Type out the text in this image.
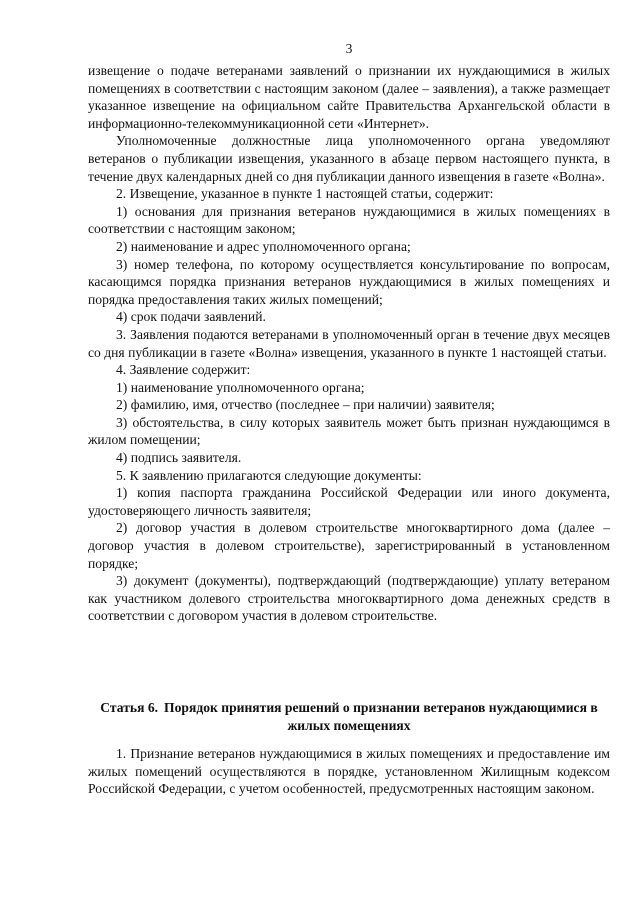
3

извещение о подаче ветеранами заявлений о признании их нуждающимися в жилых помещениях в соответствии с настоящим законом (далее – заявления), а также размещает указанное извещение на официальном сайте Правительства Архангельской области в информационно-телекоммуникационной сети «Интернет».

Уполномоченные должностные лица уполномоченного органа уведомляют ветеранов о публикации извещения, указанного в абзаце первом настоящего пункта, в течение двух календарных дней со дня публикации данного извещения в газете «Волна».

2. Извещение, указанное в пункте 1 настоящей статьи, содержит:

1) основания для признания ветеранов нуждающимися в жилых помещениях в соответствии с настоящим законом;

2) наименование и адрес уполномоченного органа;

3) номер телефона, по которому осуществляется консультирование по вопросам, касающимся порядка признания ветеранов нуждающимися в жилых помещениях и порядка предоставления таких жилых помещений;

4) срок подачи заявлений.

3. Заявления подаются ветеранами в уполномоченный орган в течение двух месяцев со дня публикации в газете «Волна» извещения, указанного в пункте 1 настоящей статьи.

4. Заявление содержит:

1) наименование уполномоченного органа;

2) фамилию, имя, отчество (последнее – при наличии) заявителя;

3) обстоятельства, в силу которых заявитель может быть признан нуждающимся в жилом помещении;

4) подпись заявителя.

5. К заявлению прилагаются следующие документы:

1) копия паспорта гражданина Российской Федерации или иного документа, удостоверяющего личность заявителя;

2) договор участия в долевом строительстве многоквартирного дома (далее – договор участия в долевом строительстве), зарегистрированный в установленном порядке;

3) документ (документы), подтверждающий (подтверждающие) уплату ветераном как участником долевого строительства многоквартирного дома денежных средств в соответствии с договором участия в долевом строительстве.

Статья 6. Порядок принятия решений о признании ветеранов нуждающимися в жилых помещениях

1. Признание ветеранов нуждающимися в жилых помещениях и предоставление им жилых помещений осуществляются в порядке, установленном Жилищным кодексом Российской Федерации, с учетом особенностей, предусмотренных настоящим законом.
